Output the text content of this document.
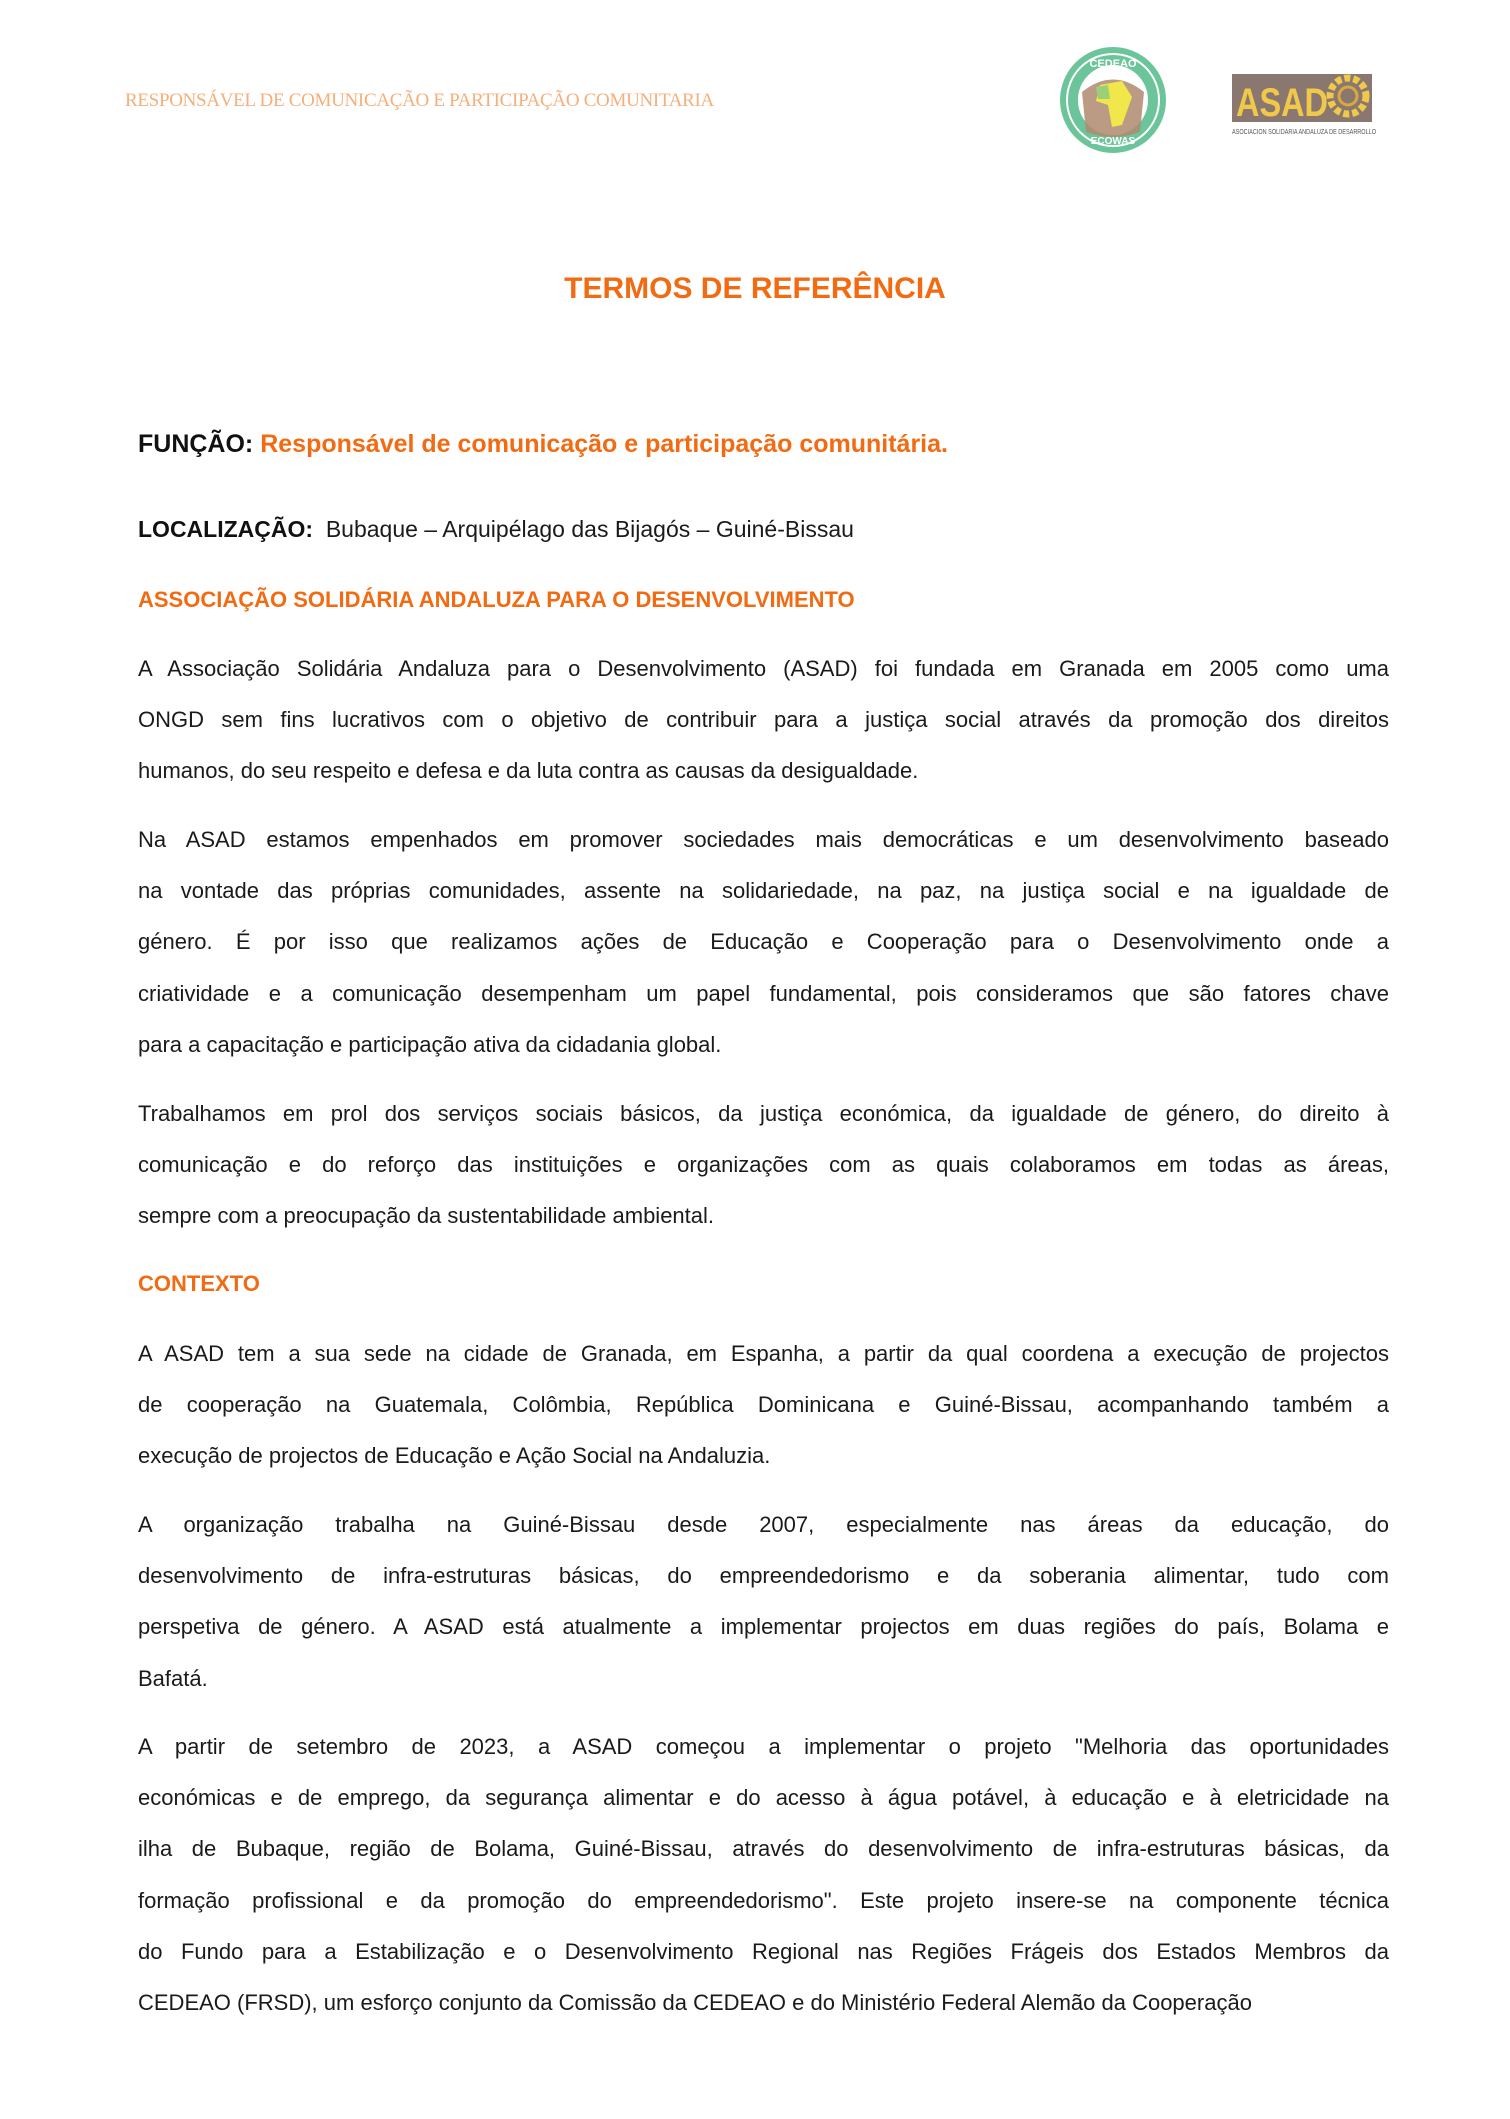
RESPONSÁVEL DE COMUNICAÇÃO E PARTICIPAÇÃO COMUNITARIA
CEDEAO
ECOWAS
ASAD
ASOCIACION SOLIDARIA ANDALUZA DE DESARROLLO
TERMOS DE REFERÊNCIA
FUNÇÃO: Responsável de comunicação e participação comunitária.
LOCALIZAÇÃO: Bubaque – Arquipélago das Bijagós – Guiné-Bissau
ASSOCIAÇÃO SOLIDÁRIA ANDALUZA PARA O DESENVOLVIMENTO
A Associação Solidária Andaluza para o Desenvolvimento (ASAD) foi fundada em Granada em 2005 como uma
ONGD sem fins lucrativos com o objetivo de contribuir para a justiça social através da promoção dos direitos
humanos, do seu respeito e defesa e da luta contra as causas da desigualdade.
Na ASAD estamos empenhados em promover sociedades mais democráticas e um desenvolvimento baseado
na vontade das próprias comunidades, assente na solidariedade, na paz, na justiça social e na igualdade de
género. É por isso que realizamos ações de Educação e Cooperação para o Desenvolvimento onde a
criatividade e a comunicação desempenham um papel fundamental, pois consideramos que são fatores chave
para a capacitação e participação ativa da cidadania global.
Trabalhamos em prol dos serviços sociais básicos, da justiça económica, da igualdade de género, do direito à
comunicação e do reforço das instituições e organizações com as quais colaboramos em todas as áreas,
sempre com a preocupação da sustentabilidade ambiental.
CONTEXTO
A ASAD tem a sua sede na cidade de Granada, em Espanha, a partir da qual coordena a execução de projectos
de cooperação na Guatemala, Colômbia, República Dominicana e Guiné-Bissau, acompanhando também a
execução de projectos de Educação e Ação Social na Andaluzia.
A organização trabalha na Guiné-Bissau desde 2007, especialmente nas áreas da educação, do
desenvolvimento de infra-estruturas básicas, do empreendedorismo e da soberania alimentar, tudo com
perspetiva de género. A ASAD está atualmente a implementar projectos em duas regiões do país, Bolama e
Bafatá.
A partir de setembro de 2023, a ASAD começou a implementar o projeto "Melhoria das oportunidades
económicas e de emprego, da segurança alimentar e do acesso à água potável, à educação e à eletricidade na
ilha de Bubaque, região de Bolama, Guiné-Bissau, através do desenvolvimento de infra-estruturas básicas, da
formação profissional e da promoção do empreendedorismo". Este projeto insere-se na componente técnica
do Fundo para a Estabilização e o Desenvolvimento Regional nas Regiões Frágeis dos Estados Membros da
CEDEAO (FRSD), um esforço conjunto da Comissão da CEDEAO e do Ministério Federal Alemão da Cooperação
